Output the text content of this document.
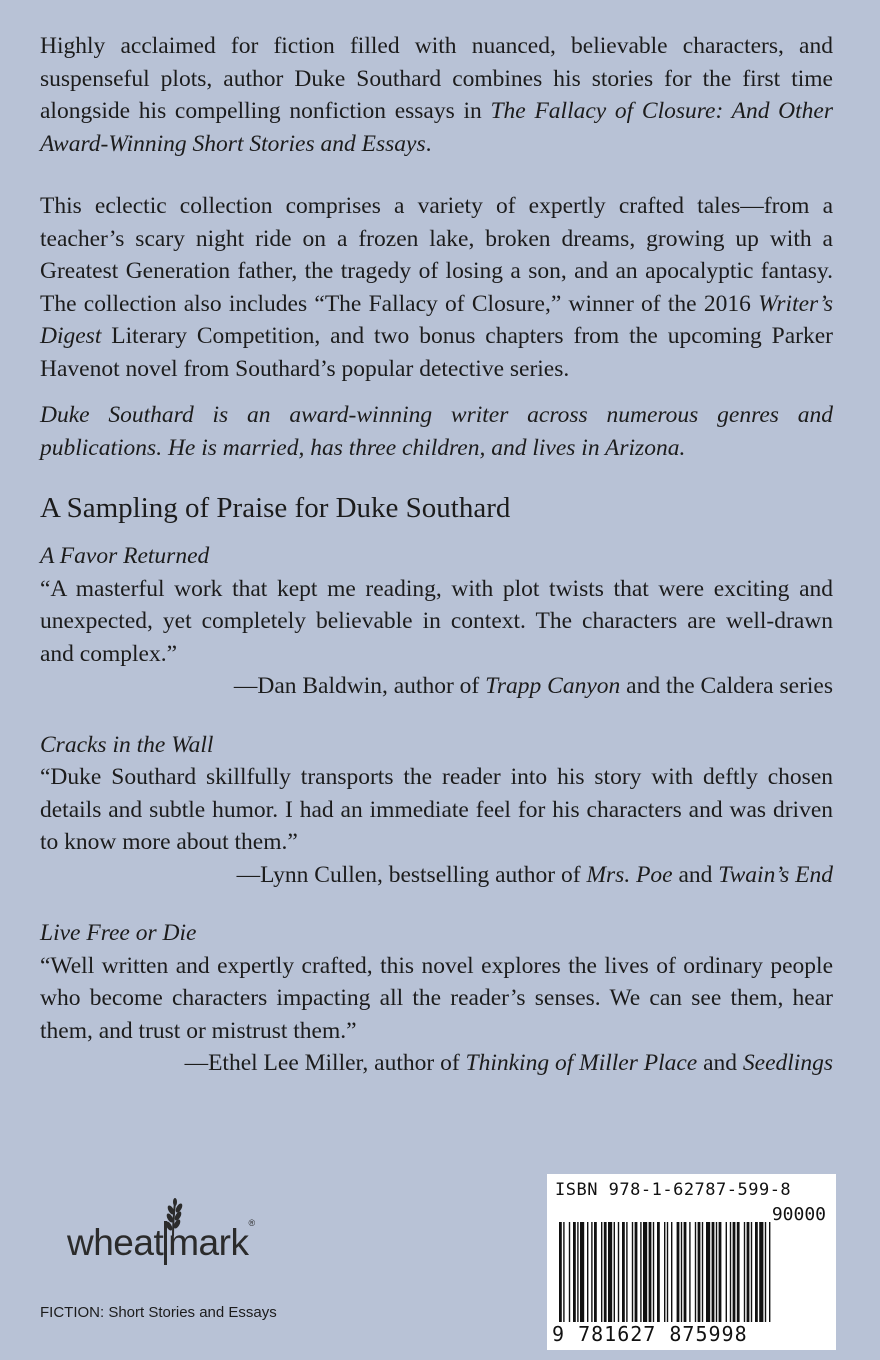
Highly acclaimed for fiction filled with nuanced, believable characters, and suspenseful plots, author Duke Southard combines his stories for the first time alongside his compelling nonfiction essays in The Fallacy of Closure: And Other Award-Winning Short Stories and Essays.

This eclectic collection comprises a variety of expertly crafted tales—from a teacher’s scary night ride on a frozen lake, broken dreams, growing up with a Greatest Generation father, the tragedy of losing a son, and an apocalyptic fantasy. The collection also includes “The Fallacy of Closure,” winner of the 2016 Writer’s Digest Literary Competition, and two bonus chapters from the upcoming Parker Havenot novel from Southard’s popular detective series.

Duke Southard is an award-winning writer across numerous genres and publications. He is married, has three children, and lives in Arizona.

A Sampling of Praise for Duke Southard
A Favor Returned

“A masterful work that kept me reading, with plot twists that were exciting and unexpected, yet completely believable in context. The characters are well-drawn and complex.”

—Dan Baldwin, author of Trapp Canyon and the Caldera series
Cracks in the Wall

“Duke Southard skillfully transports the reader into his story with deftly chosen details and subtle humor. I had an immediate feel for his characters and was driven to know more about them.”

—Lynn Cullen, bestselling author of Mrs. Poe and Twain’s End
Live Free or Die

“Well written and expertly crafted, this novel explores the lives of ordinary people who become characters impacting all the reader’s senses. We can see them, hear them, and trust or mistrust them.”

—Ethel Lee Miller, author of Thinking of Miller Place and Seedlings
wheat mark®
FICTION: Short Stories and Essays
ISBN 978-1-62787-599-8
90000
9 781627 875998
